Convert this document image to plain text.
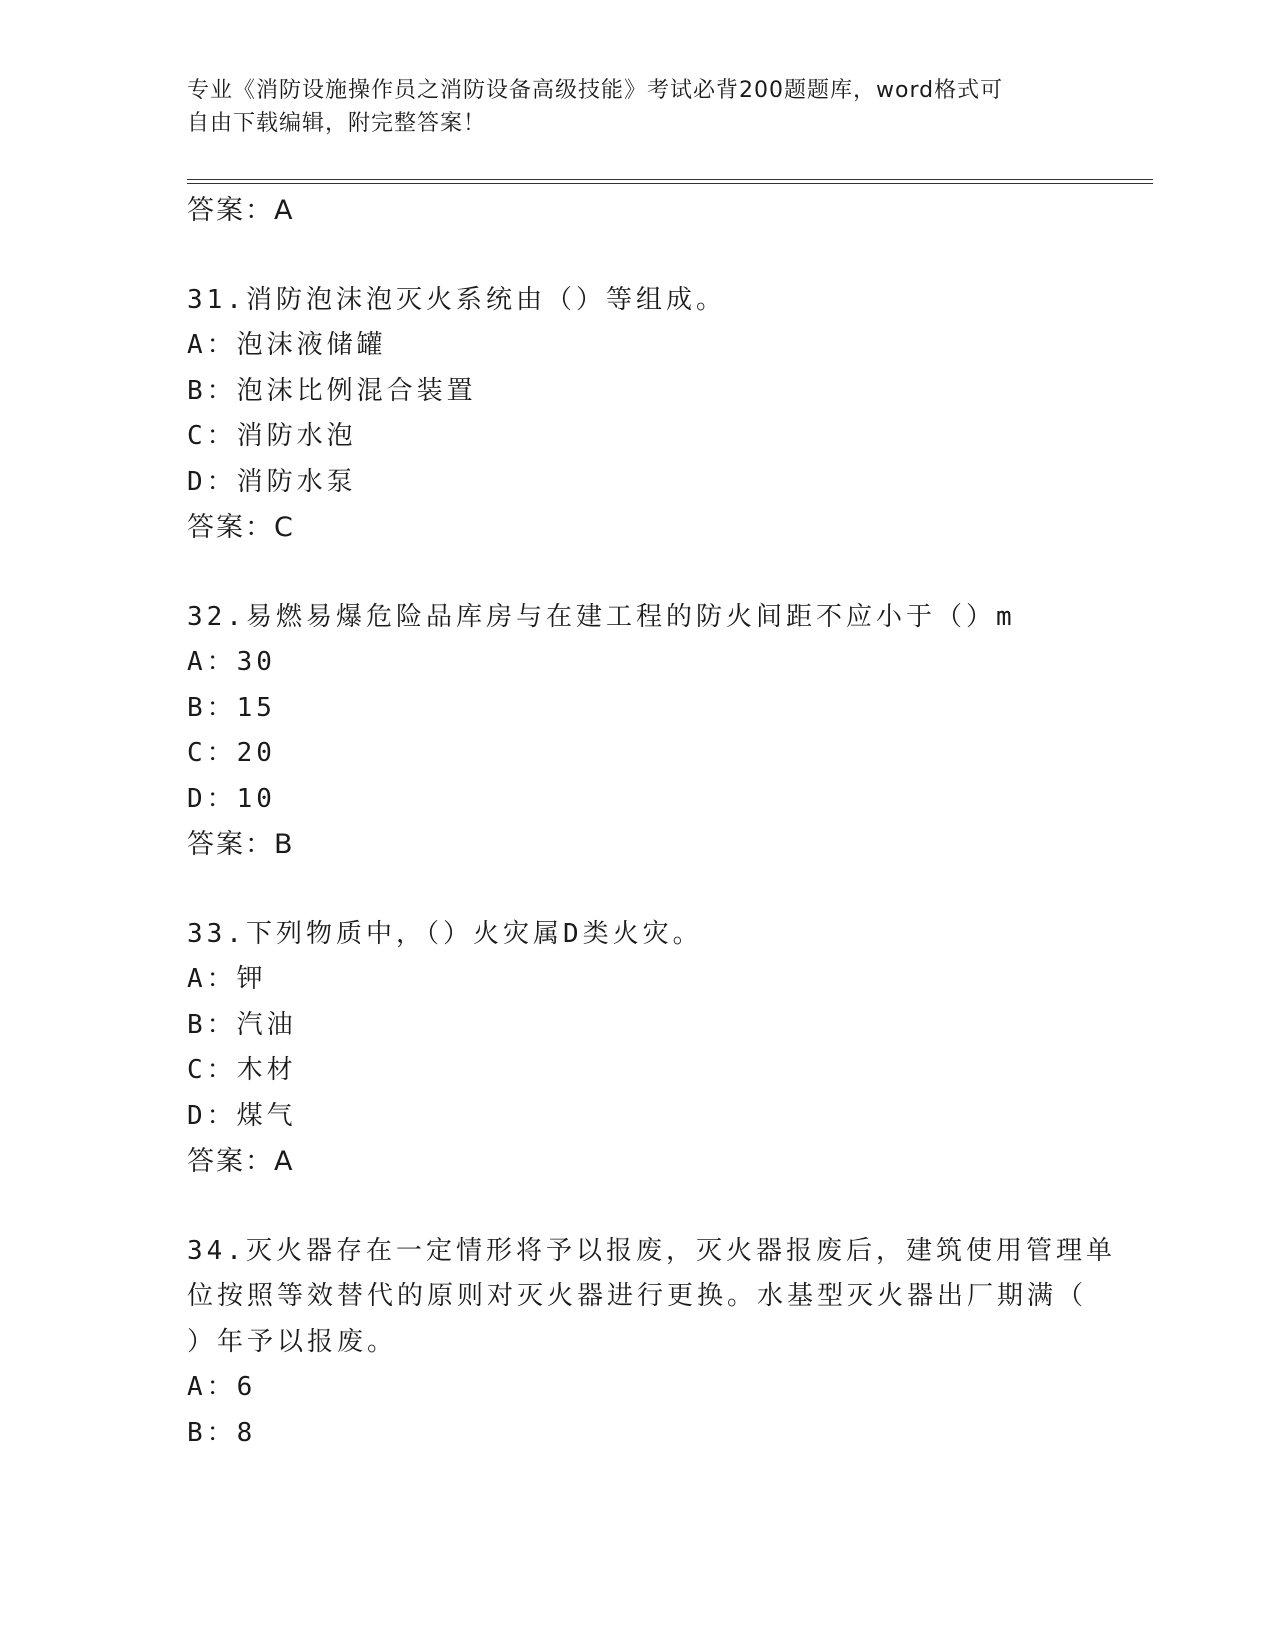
专业《消防设施操作员之消防设备高级技能》考试必背200题题库，word格式可
自由下载编辑，附完整答案！
答案：A
31.消防泡沫泡灭火系统由（）等组成。
A：泡沫液储罐
B：泡沫比例混合装置
C：消防水泡
D：消防水泵
答案：C
32.易燃易爆危险品库房与在建工程的防火间距不应小于（）m
A：30
B：15
C：20
D：10
答案：B
33.下列物质中，（）火灾属D类火灾。
A：钾
B：汽油
C：木材
D：煤气
答案：A
34.灭火器存在一定情形将予以报废，灭火器报废后，建筑使用管理单
位按照等效替代的原则对灭火器进行更换。水基型灭火器出厂期满（
）年予以报废。
A：6
B：8
